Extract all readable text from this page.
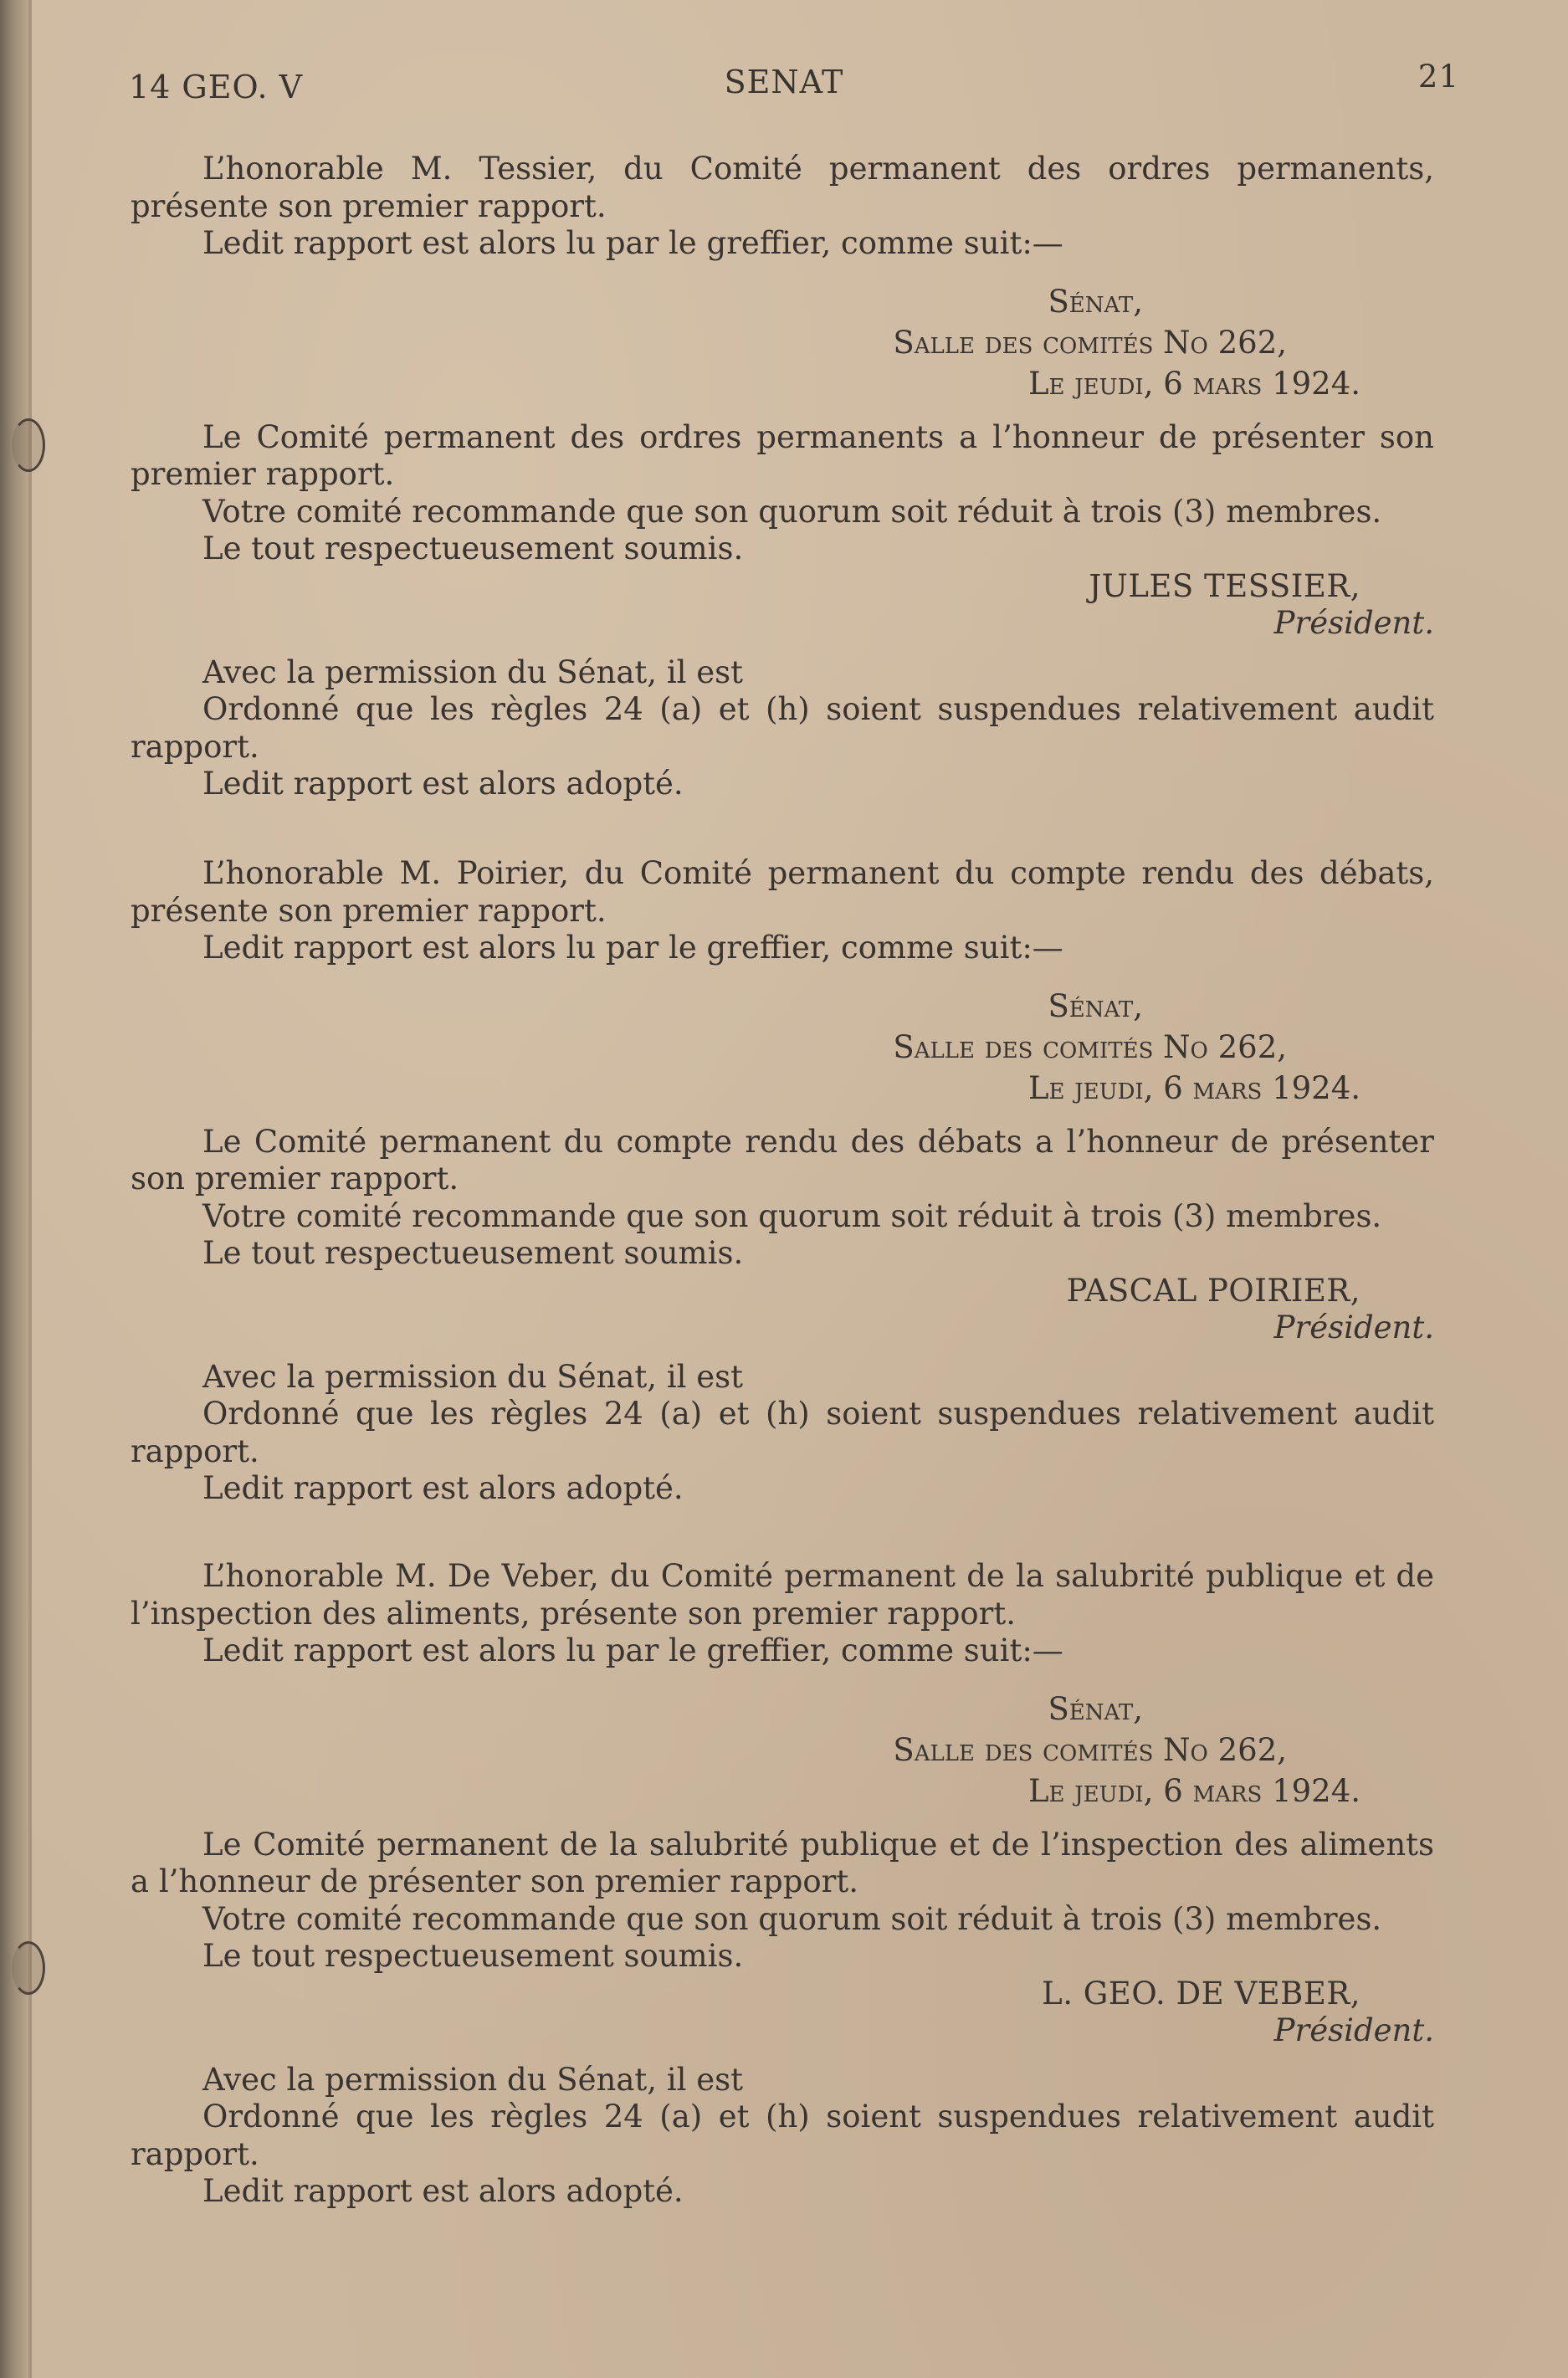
14 GEO. V	SENAT	21

L’honorable M. Tessier, du Comité permanent des ordres permanents, présente son premier rapport.

Ledit rapport est alors lu par le greffier, comme suit:—

Sénat,
Salle des comités No 262,
Le jeudi, 6 mars 1924.

Le Comité permanent des ordres permanents a l’honneur de présenter son premier rapport.

Votre comité recommande que son quorum soit réduit à trois (3) membres.

Le tout respectueusement soumis.

JULES TESSIER,
Président.

Avec la permission du Sénat, il est

Ordonné que les règles 24 (a) et (h) soient suspendues relativement audit rapport.

Ledit rapport est alors adopté.

L’honorable M. Poirier, du Comité permanent du compte rendu des débats, présente son premier rapport.

Ledit rapport est alors lu par le greffier, comme suit:—

Sénat,
Salle des comités No 262,
Le jeudi, 6 mars 1924.

Le Comité permanent du compte rendu des débats a l’honneur de présenter son premier rapport.

Votre comité recommande que son quorum soit réduit à trois (3) membres.

Le tout respectueusement soumis.

PASCAL POIRIER,
Président.

Avec la permission du Sénat, il est

Ordonné que les règles 24 (a) et (h) soient suspendues relativement audit rapport.

Ledit rapport est alors adopté.

L’honorable M. De Veber, du Comité permanent de la salubrité publique et de l’inspection des aliments, présente son premier rapport.

Ledit rapport est alors lu par le greffier, comme suit:—

Sénat,
Salle des comités No 262,
Le jeudi, 6 mars 1924.

Le Comité permanent de la salubrité publique et de l’inspection des aliments a l’honneur de présenter son premier rapport.

Votre comité recommande que son quorum soit réduit à trois (3) membres.

Le tout respectueusement soumis.

L. GEO. DE VEBER,
Président.

Avec la permission du Sénat, il est

Ordonné que les règles 24 (a) et (h) soient suspendues relativement audit rapport.

Ledit rapport est alors adopté.
